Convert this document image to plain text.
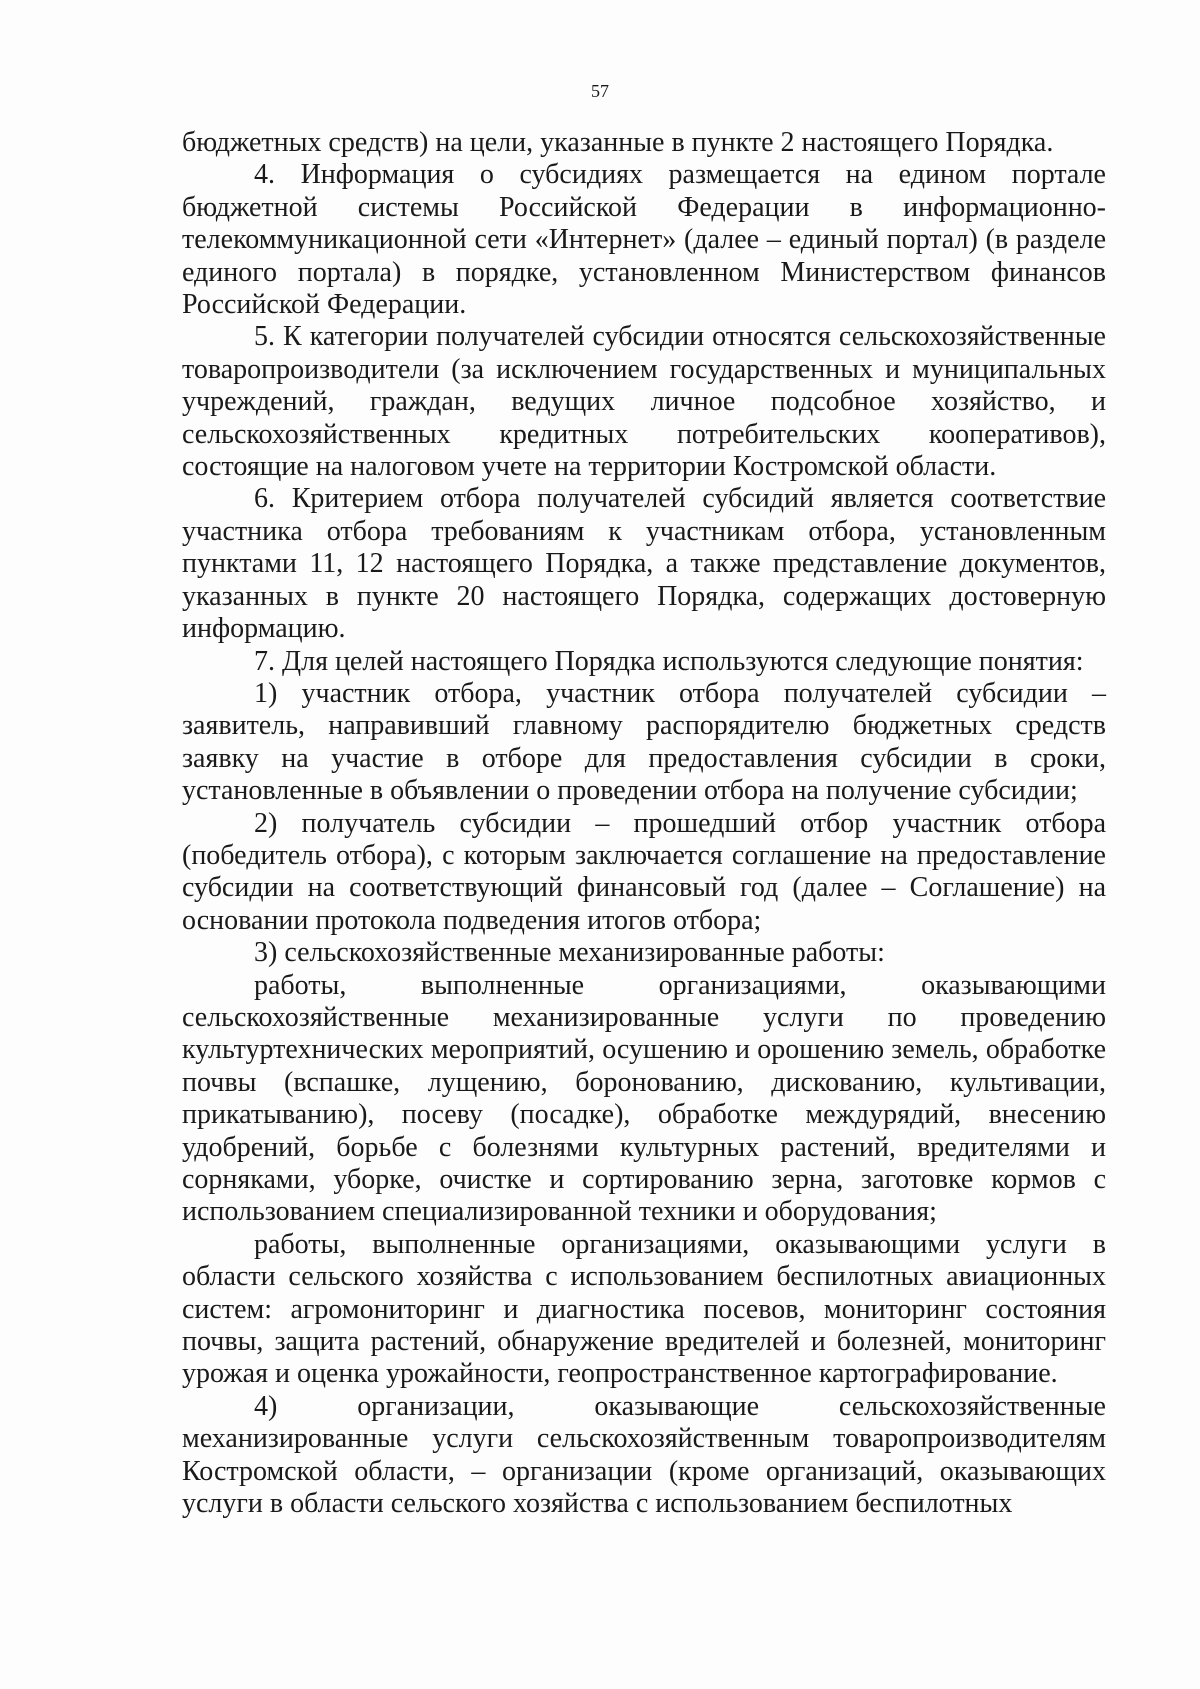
57

бюджетных средств) на цели, указанные в пункте 2 настоящего Порядка.

4. Информация о субсидиях размещается на едином портале бюджетной системы Российской Федерации в информационно-телекоммуникационной сети «Интернет» (далее – единый портал) (в разделе единого портала) в порядке, установленном Министерством финансов Российской Федерации.

5. К категории получателей субсидии относятся сельскохозяйственные товаропроизводители (за исключением государственных и муниципальных учреждений, граждан, ведущих личное подсобное хозяйство, и сельскохозяйственных кредитных потребительских кооперативов), состоящие на налоговом учете на территории Костромской области.

6. Критерием отбора получателей субсидий является соответствие участника отбора требованиям к участникам отбора, установленным пунктами 11, 12 настоящего Порядка, а также представление документов, указанных в пункте 20 настоящего Порядка, содержащих достоверную информацию.

7. Для целей настоящего Порядка используются следующие понятия:

1) участник отбора, участник отбора получателей субсидии – заявитель, направивший главному распорядителю бюджетных средств заявку на участие в отборе для предоставления субсидии в сроки, установленные в объявлении о проведении отбора на получение субсидии;

2) получатель субсидии – прошедший отбор участник отбора (победитель отбора), с которым заключается соглашение на предоставление субсидии на соответствующий финансовый год (далее – Соглашение) на основании протокола подведения итогов отбора;

3) сельскохозяйственные механизированные работы:

работы, выполненные организациями, оказывающими сельскохозяйственные механизированные услуги по проведению культуртехнических мероприятий, осушению и орошению земель, обработке почвы (вспашке, лущению, боронованию, дискованию, культивации, прикатыванию), посеву (посадке), обработке междурядий, внесению удобрений, борьбе с болезнями культурных растений, вредителями и сорняками, уборке, очистке и сортированию зерна, заготовке кормов с использованием специализированной техники и оборудования;

работы, выполненные организациями, оказывающими услуги в области сельского хозяйства с использованием беспилотных авиационных систем: агромониторинг и диагностика посевов, мониторинг состояния почвы, защита растений, обнаружение вредителей и болезней, мониторинг урожая и оценка урожайности, геопространственное картографирование.

4) организации, оказывающие сельскохозяйственные механизированные услуги сельскохозяйственным товаропроизводителям Костромской области, – организации (кроме организаций, оказывающих услуги в области сельского хозяйства с использованием беспилотных
